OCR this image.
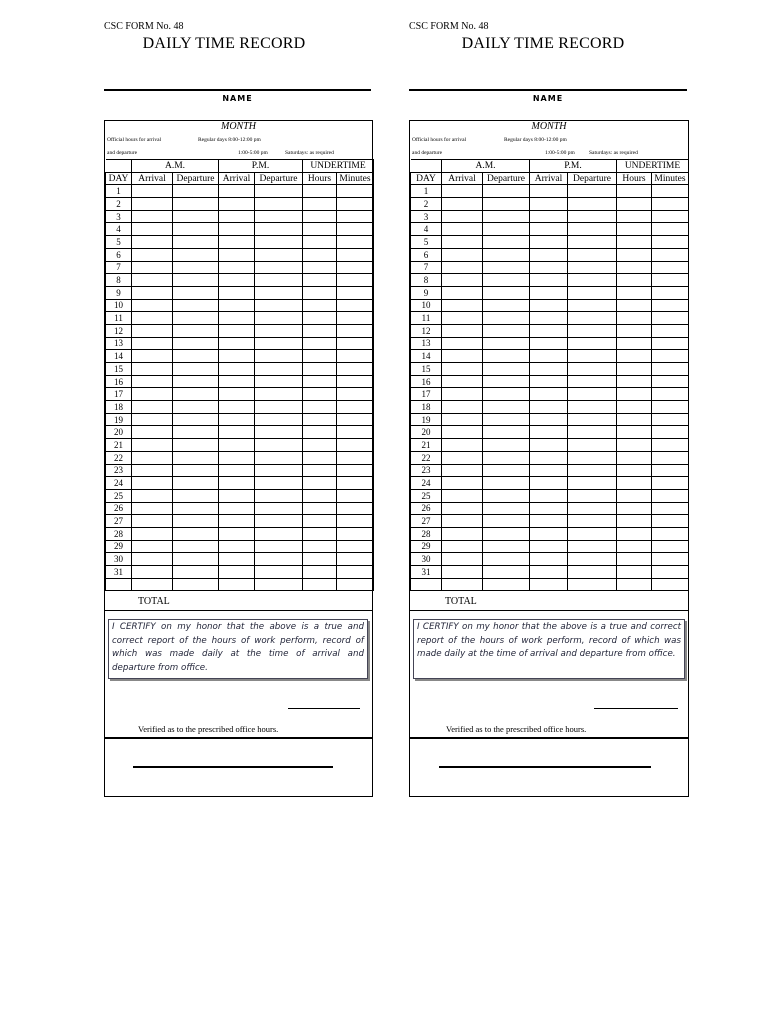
CSC FORM No. 48
DAILY TIME RECORD
NAME
MONTH
Official hours for arrival	Regular days 8:00-12:00 pm
and departure	1:00-5:00 pm	Saturdays: as required
	A.M.		P.M.		UNDERTIME	
DAY	Arrival	Departure	Arrival	Departure	Hours	Minutes
1						
2						
3						
4						
5						
6						
7						
8						
9						
10						
11						
12						
13						
14						
15						
16						
17						
18						
19						
20						
21						
22						
23						
24						
25						
26						
27						
28						
29						
30						
31						

TOTAL
I CERTIFY on my honor that the above is a true and correct report of the hours of work perform, record of which was made daily at the time of arrival and departure from office.
Verified as to the prescribed office hours.
CSC FORM No. 48
DAILY TIME RECORD
NAME
MONTH
Official hours for arrival	Regular days 8:00-12:00 pm
and departure	1:00-5:00 pm	Saturdays: as required
	A.M.		P.M.		UNDERTIME	
DAY	Arrival	Departure	Arrival	Departure	Hours	Minutes
1						
2						
3						
4						
5						
6						
7						
8						
9						
10						
11						
12						
13						
14						
15						
16						
17						
18						
19						
20						
21						
22						
23						
24						
25						
26						
27						
28						
29						
30						
31						

TOTAL
I CERTIFY on my honor that the above is a true and correct report of the hours of work perform, record of which was made daily at the time of arrival and departure from office.
Verified as to the prescribed office hours.
